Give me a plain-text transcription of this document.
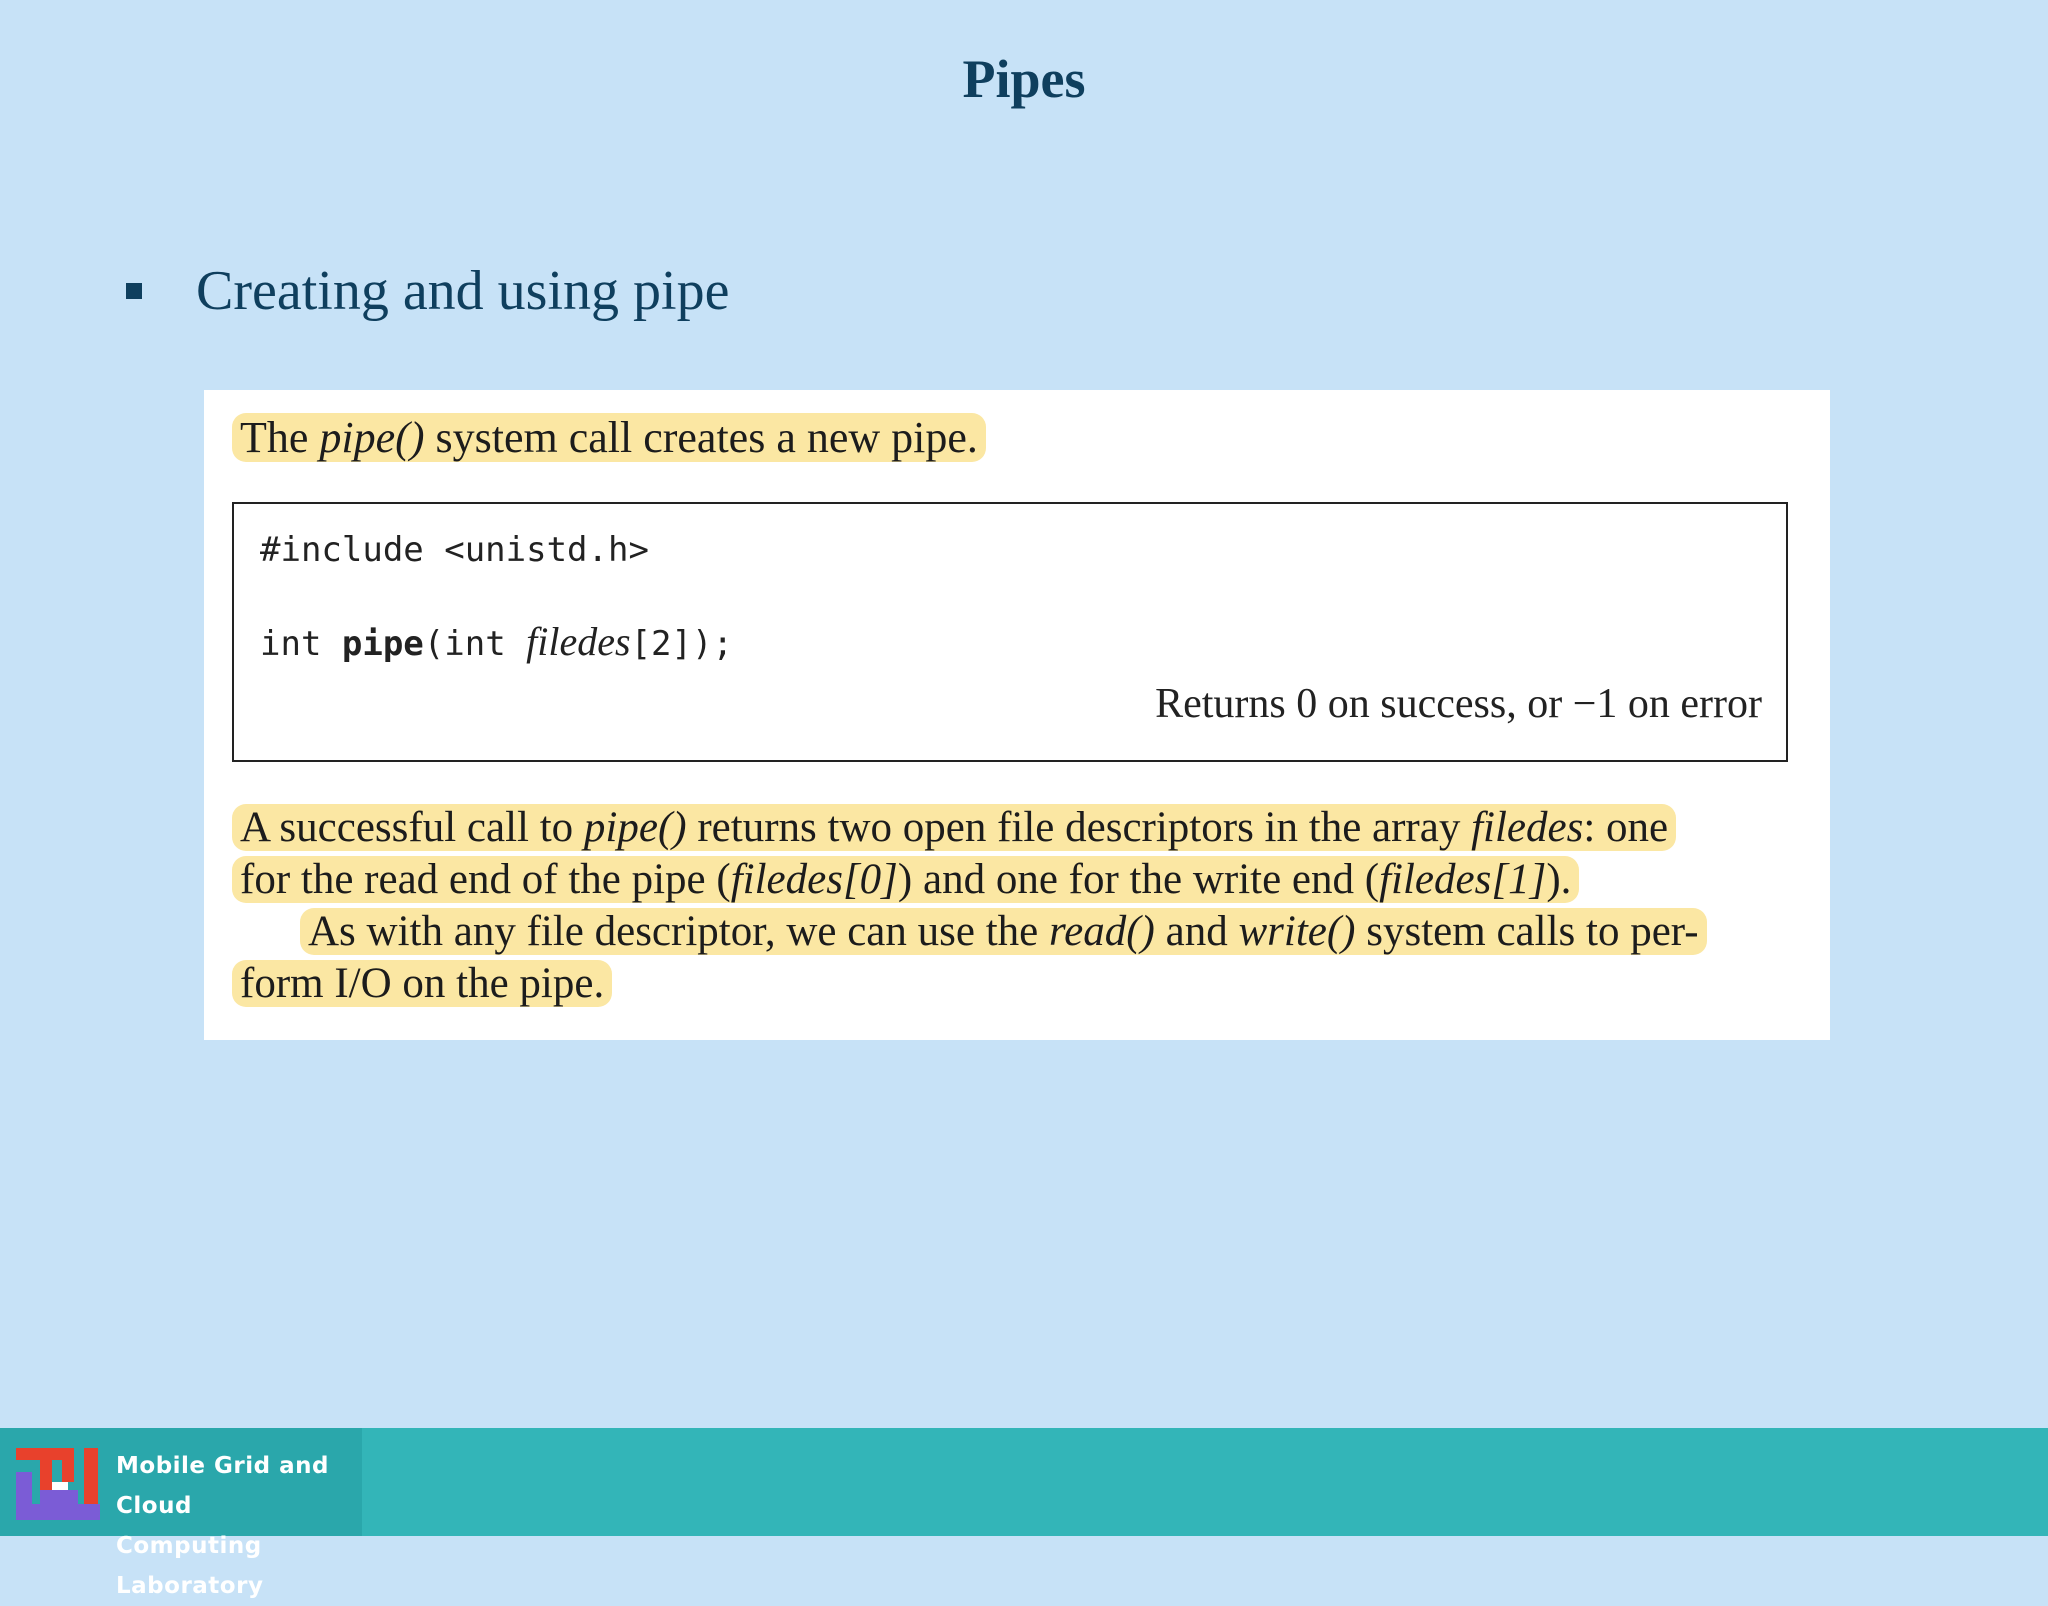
Pipes
Creating and using pipe
The pipe() system call creates a new pipe.
#include <unistd.h>
int pipe(int filedes[2]);
Returns 0 on success, or −1 on error
A successful call to pipe() returns two open file descriptors in the array filedes: one
for the read end of the pipe (filedes[0]) and one for the write end (filedes[1]).
As with any file descriptor, we can use the read() and write() system calls to per-
form I/O on the pipe.
Mobile Grid and Cloud
Computing Laboratory
